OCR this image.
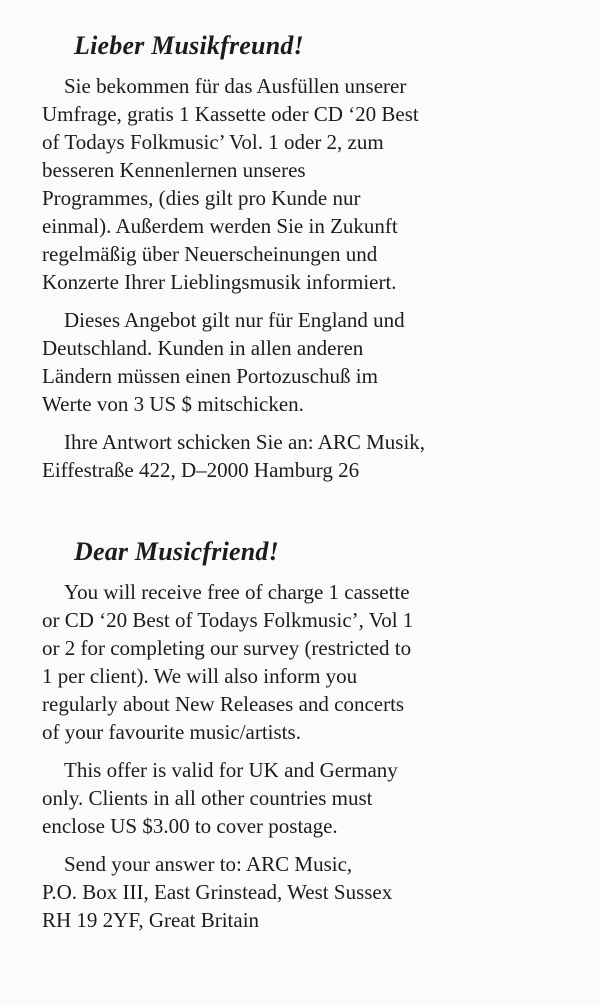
Lieber Musikfreund!
Sie bekommen für das Ausfüllen unserer
Umfrage, gratis 1 Kassette oder CD ‘20 Best
of Todays Folkmusic’ Vol. 1 oder 2, zum
besseren Kennenlernen unseres
Programmes, (dies gilt pro Kunde nur
einmal). Außerdem werden Sie in Zukunft
regelmäßig über Neuerscheinungen und
Konzerte Ihrer Lieblingsmusik informiert.
Dieses Angebot gilt nur für England und
Deutschland. Kunden in allen anderen
Ländern müssen einen Portozuschuß im
Werte von 3 US $ mitschicken.
Ihre Antwort schicken Sie an: ARC Musik,
Eiffestraße 422, D–2000 Hamburg 26
Dear Musicfriend!
You will receive free of charge 1 cassette
or CD ‘20 Best of Todays Folkmusic’, Vol 1
or 2 for completing our survey (restricted to
1 per client). We will also inform you
regularly about New Releases and concerts
of your favourite music/artists.
This offer is valid for UK and Germany
only. Clients in all other countries must
enclose US $3.00 to cover postage.
Send your answer to: ARC Music,
P.O. Box III, East Grinstead, West Sussex
RH 19 2YF, Great Britain
